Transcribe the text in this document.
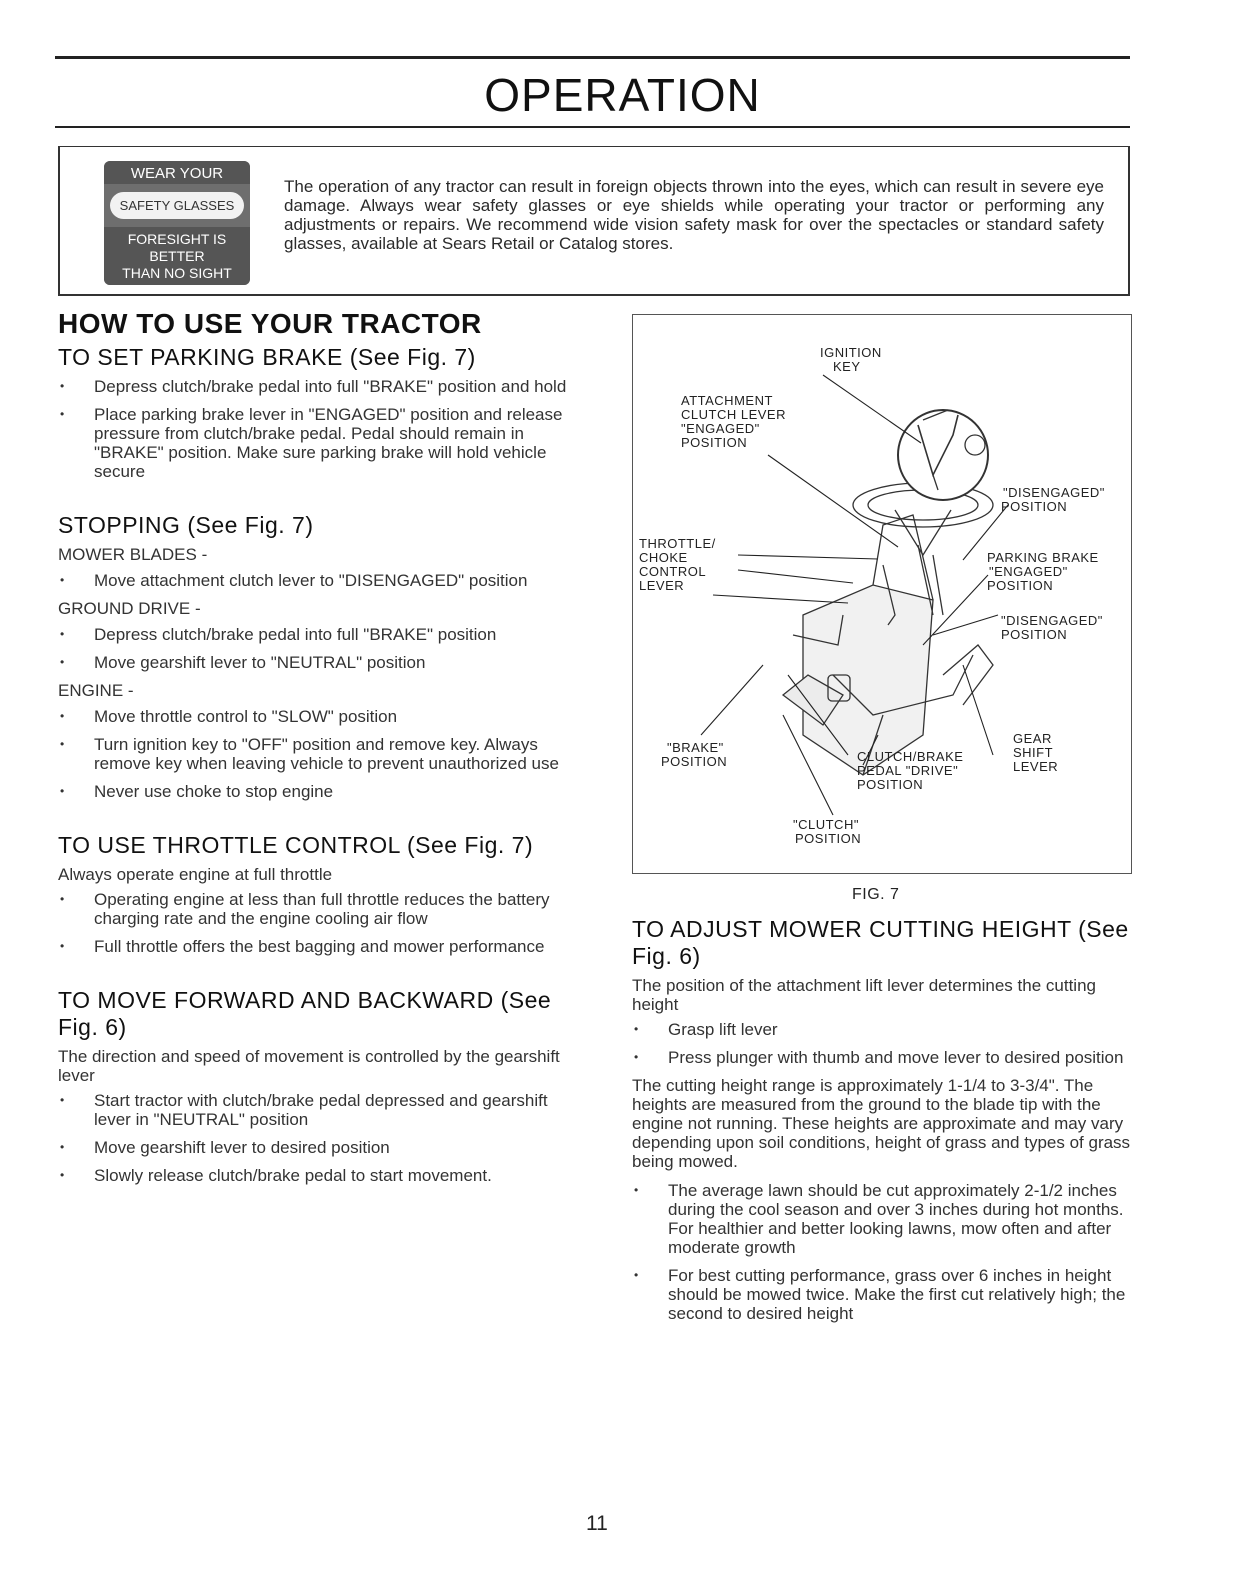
OPERATION
WEAR YOUR
SAFETY GLASSES
FORESIGHT IS BETTER
THAN NO SIGHT
The operation of any tractor can result in foreign objects thrown into the eyes, which can result in severe eye damage. Always wear safety glasses or eye shields while operating your tractor or performing any adjustments or repairs. We recommend wide vision safety mask for over the spectacles or standard safety glasses, available at Sears Retail or Catalog stores.
HOW TO USE YOUR TRACTOR
TO SET PARKING BRAKE (See Fig. 7)
• Depress clutch/brake pedal into full "BRAKE" position and hold
• Place parking brake lever in "ENGAGED" position and release pressure from clutch/brake pedal. Pedal should remain in "BRAKE" position. Make sure parking brake will hold vehicle secure
STOPPING (See Fig. 7)
MOWER BLADES -
• Move attachment clutch lever to "DISENGAGED" position
GROUND DRIVE -
• Depress clutch/brake pedal into full "BRAKE" position
• Move gearshift lever to "NEUTRAL" position
ENGINE -
• Move throttle control to "SLOW" position
• Turn ignition key to "OFF" position and remove key. Always remove key when leaving vehicle to prevent unauthorized use
• Never use choke to stop engine
TO USE THROTTLE CONTROL (See Fig. 7)
Always operate engine at full throttle
• Operating engine at less than full throttle reduces the battery charging rate and the engine cooling air flow
• Full throttle offers the best bagging and mower performance
TO MOVE FORWARD AND BACKWARD (See Fig. 6)
The direction and speed of movement is controlled by the gearshift lever
• Start tractor with clutch/brake pedal depressed and gearshift lever in "NEUTRAL" position
• Move gearshift lever to desired position
• Slowly release clutch/brake pedal to start movement.
IGNITION
KEY
ATTACHMENT
CLUTCH LEVER
"ENGAGED"
POSITION
"DISENGAGED"
POSITION
THROTTLE/
CHOKE
CONTROL
LEVER
PARKING BRAKE
"ENGAGED"
POSITION
"DISENGAGED"
POSITION
GEAR
SHIFT
LEVER
"BRAKE"
POSITION	CLUTCH/BRAKE
PEDAL "DRIVE"
POSITION
"CLUTCH"
POSITION
FIG. 7
TO ADJUST MOWER CUTTING HEIGHT (See Fig. 6)
The position of the attachment lift lever determines the cutting height
• Grasp lift lever
• Press plunger with thumb and move lever to desired position
The cutting height range is approximately 1-1/4 to 3-3/4". The heights are measured from the ground to the blade tip with the engine not running. These heights are approximate and may vary depending upon soil conditions, height of grass and types of grass being mowed.
• The average lawn should be cut approximately 2-1/2 inches during the cool season and over 3 inches during hot months. For healthier and better looking lawns, mow often and after moderate growth
• For best cutting performance, grass over 6 inches in height should be mowed twice. Make the first cut relatively high; the second to desired height
11
